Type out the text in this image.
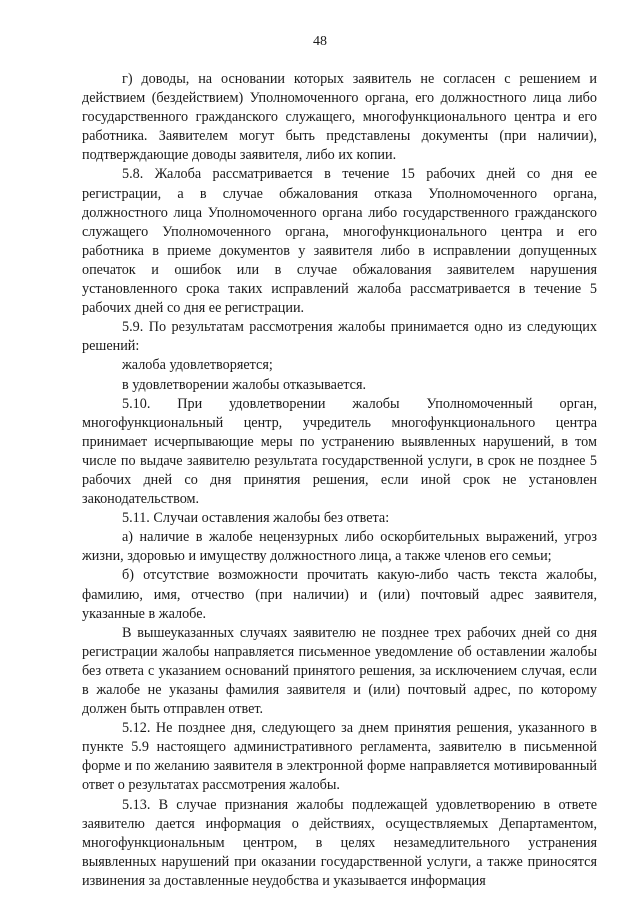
48

г) доводы, на основании которых заявитель не согласен с решением и действием (бездействием) Уполномоченного органа, его должностного лица либо государственного гражданского служащего, многофункционального центра и его работника. Заявителем могут быть представлены документы (при наличии), подтверждающие доводы заявителя, либо их копии.

5.8. Жалоба рассматривается в течение 15 рабочих дней со дня ее регистрации, а в случае обжалования отказа Уполномоченного органа, должностного лица Уполномоченного органа либо государственного гражданского служащего Уполномоченного органа, многофункционального центра и его работника в приеме документов у заявителя либо в исправлении допущенных опечаток и ошибок или в случае обжалования заявителем нарушения установленного срока таких исправлений жалоба рассматривается в течение 5 рабочих дней со дня ее регистрации.

5.9. По результатам рассмотрения жалобы принимается одно из следующих решений:

жалоба удовлетворяется;

в удовлетворении жалобы отказывается.

5.10. При удовлетворении жалобы Уполномоченный орган, многофункциональный центр, учредитель многофункционального центра принимает исчерпывающие меры по устранению выявленных нарушений, в том числе по выдаче заявителю результата государственной услуги, в срок не позднее 5 рабочих дней со дня принятия решения, если иной срок не установлен законодательством.

5.11. Случаи оставления жалобы без ответа:

а) наличие в жалобе нецензурных либо оскорбительных выражений, угроз жизни, здоровью и имуществу должностного лица, а также членов его семьи;

б) отсутствие возможности прочитать какую-либо часть текста жалобы, фамилию, имя, отчество (при наличии) и (или) почтовый адрес заявителя, указанные в жалобе.

В вышеуказанных случаях заявителю не позднее трех рабочих дней со дня регистрации жалобы направляется письменное уведомление об оставлении жалобы без ответа с указанием оснований принятого решения, за исключением случая, если в жалобе не указаны фамилия заявителя и (или) почтовый адрес, по которому должен быть отправлен ответ.

5.12. Не позднее дня, следующего за днем принятия решения, указанного в пункте 5.9 настоящего административного регламента, заявителю в письменной форме и по желанию заявителя в электронной форме направляется мотивированный ответ о результатах рассмотрения жалобы.

5.13. В случае признания жалобы подлежащей удовлетворению в ответе заявителю дается информация о действиях, осуществляемых Департаментом, многофункциональным центром, в целях незамедлительного устранения выявленных нарушений при оказании государственной услуги, а также приносятся извинения за доставленные неудобства и указывается информация
